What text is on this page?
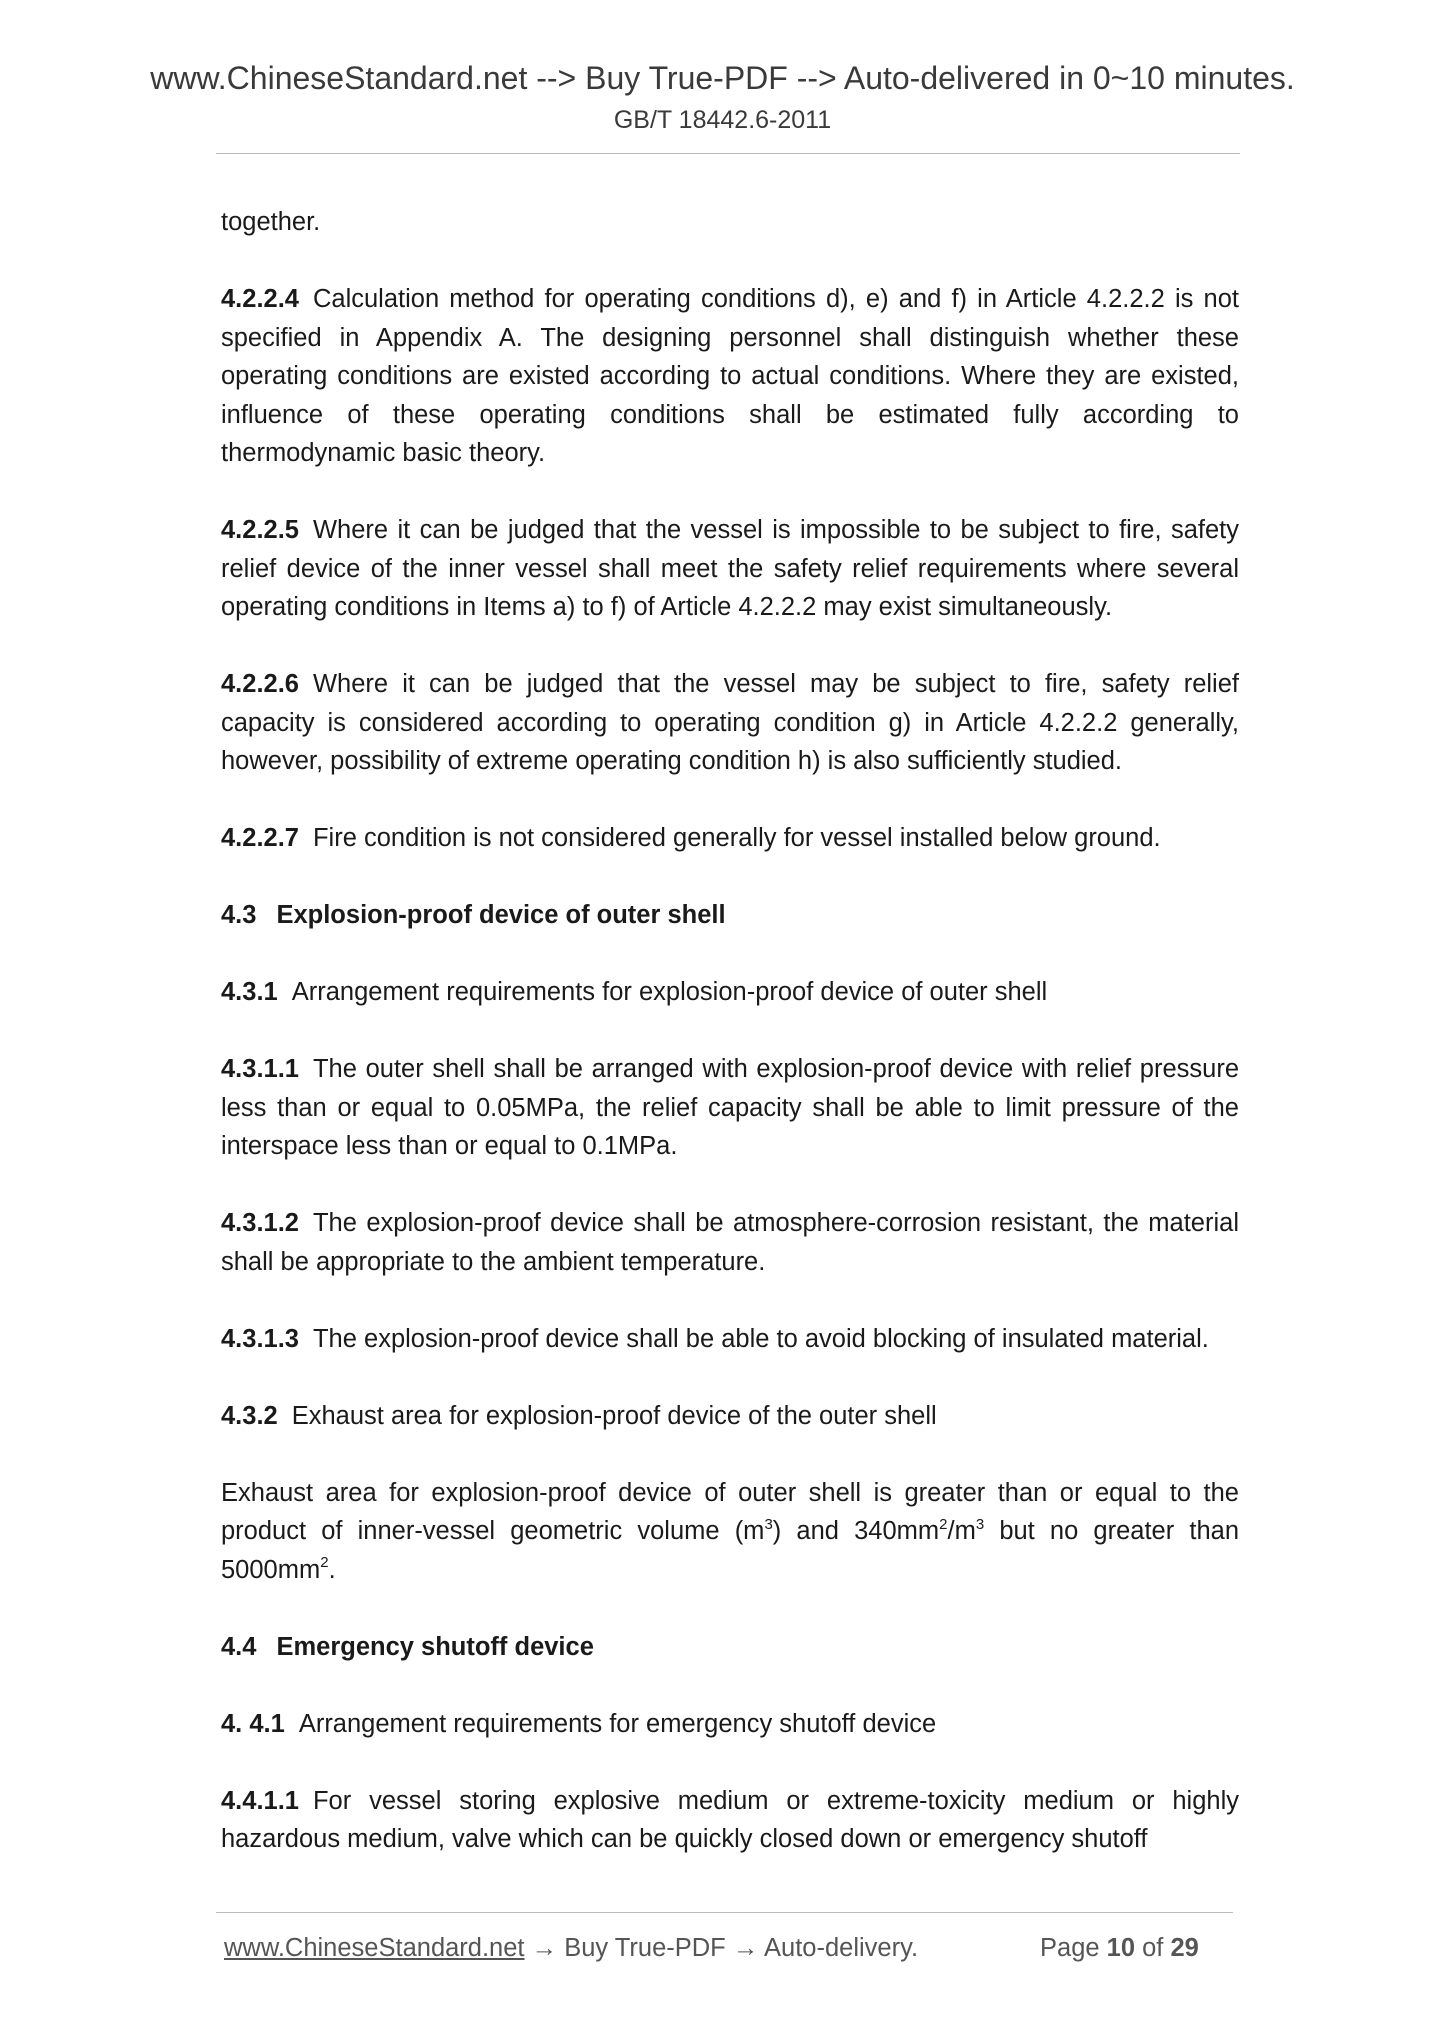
www.ChineseStandard.net --> Buy True-PDF --> Auto-delivered in 0~10 minutes.
GB/T 18442.6-2011

together.

4.2.2.4 Calculation method for operating conditions d), e) and f) in Article 4.2.2.2 is not specified in Appendix A. The designing personnel shall distinguish whether these operating conditions are existed according to actual conditions. Where they are existed, influence of these operating conditions shall be estimated fully according to thermodynamic basic theory.

4.2.2.5 Where it can be judged that the vessel is impossible to be subject to fire, safety relief device of the inner vessel shall meet the safety relief requirements where several operating conditions in Items a) to f) of Article 4.2.2.2 may exist simultaneously.

4.2.2.6 Where it can be judged that the vessel may be subject to fire, safety relief capacity is considered according to operating condition g) in Article 4.2.2.2 generally, however, possibility of extreme operating condition h) is also sufficiently studied.

4.2.2.7 Fire condition is not considered generally for vessel installed below ground.

4.3 Explosion-proof device of outer shell

4.3.1 Arrangement requirements for explosion-proof device of outer shell

4.3.1.1 The outer shell shall be arranged with explosion-proof device with relief pressure less than or equal to 0.05MPa, the relief capacity shall be able to limit pressure of the interspace less than or equal to 0.1MPa.

4.3.1.2 The explosion-proof device shall be atmosphere-corrosion resistant, the material shall be appropriate to the ambient temperature.

4.3.1.3 The explosion-proof device shall be able to avoid blocking of insulated material.

4.3.2 Exhaust area for explosion-proof device of the outer shell

Exhaust area for explosion-proof device of outer shell is greater than or equal to the product of inner-vessel geometric volume $(m^3)$ and $340mm^2/m^3$ but no greater than $5000mm^2$.

4.4 Emergency shutoff device

4. 4.1 Arrangement requirements for emergency shutoff device

4.4.1.1 For vessel storing explosive medium or extreme-toxicity medium or highly hazardous medium, valve which can be quickly closed down or emergency shutoff

www.ChineseStandard.net → Buy True-PDF → Auto-delivery.	Page 10 of 29
